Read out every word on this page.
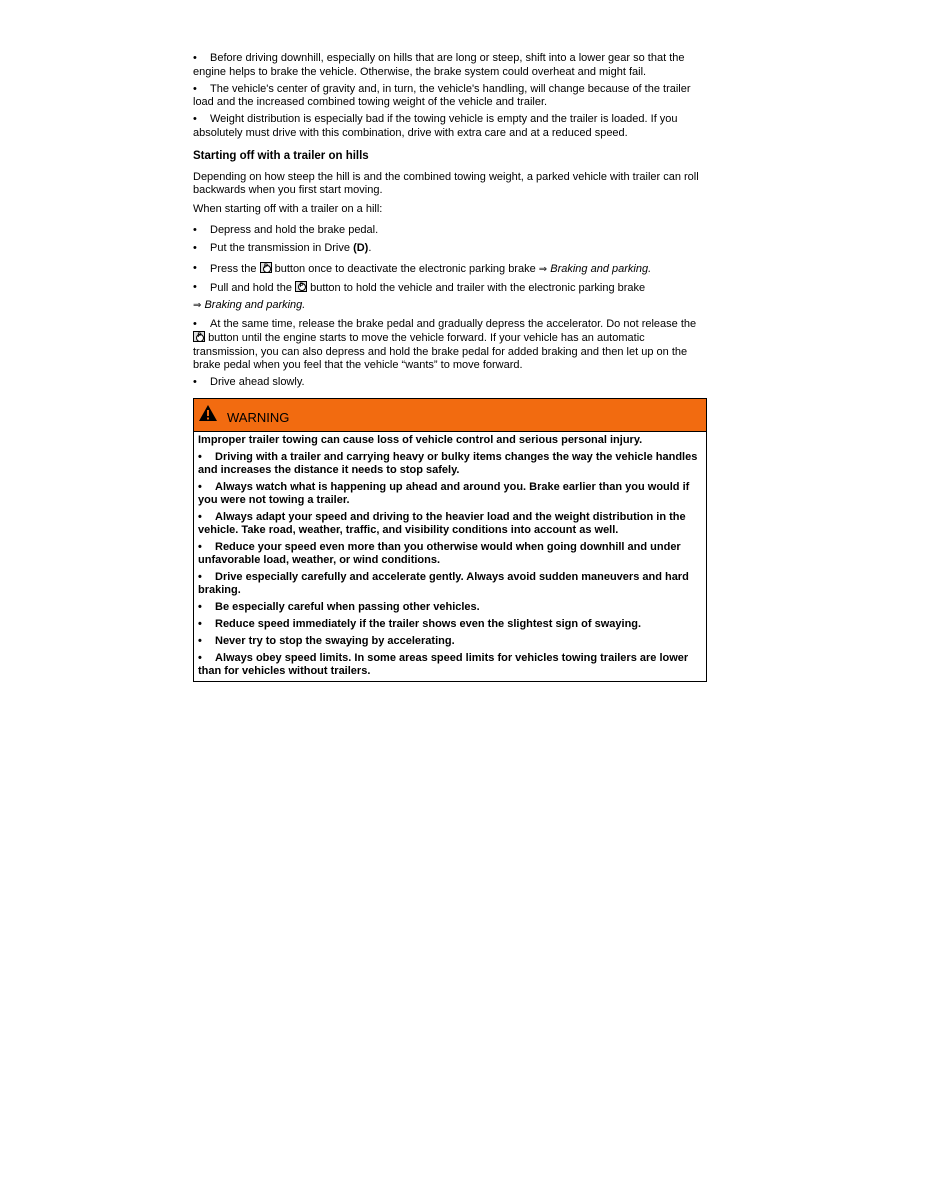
• Before driving downhill, especially on hills that are long or steep, shift into a lower gear so that the engine helps to brake the vehicle. Otherwise, the brake system could overheat and might fail.

• The vehicle's center of gravity and, in turn, the vehicle's handling, will change because of the trailer load and the increased combined towing weight of the vehicle and trailer.

• Weight distribution is especially bad if the towing vehicle is empty and the trailer is loaded. If you absolutely must drive with this combination, drive with extra care and at a reduced speed.

Starting off with a trailer on hills

Depending on how steep the hill is and the combined towing weight, a parked vehicle with trailer can roll backwards when you first start moving.

When starting off with a trailer on a hill:

• Depress and hold the brake pedal.
• Put the transmission in Drive (D).
• Press the P button once to deactivate the electronic parking brake ⇒ Braking and parking.
• Pull and hold the P button to hold the vehicle and trailer with the electronic parking brake

⇒ Braking and parking.

• At the same time, release the brake pedal and gradually depress the accelerator. Do not release the P button until the engine starts to move the vehicle forward. If your vehicle has an automatic transmission, you can also depress and hold the brake pedal for added braking and then let up on the brake pedal when you feel that the vehicle “wants” to move forward.

• Drive ahead slowly.
WARNING

Improper trailer towing can cause loss of vehicle control and serious personal injury.

• Driving with a trailer and carrying heavy or bulky items changes the way the vehicle handles and increases the distance it needs to stop safely.

• Always watch what is happening up ahead and around you. Brake earlier than you would if you were not towing a trailer.

• Always adapt your speed and driving to the heavier load and the weight distribution in the vehicle. Take road, weather, traffic, and visibility conditions into account as well.

• Reduce your speed even more than you otherwise would when going downhill and under unfavorable load, weather, or wind conditions.

• Drive especially carefully and accelerate gently. Always avoid sudden maneuvers and hard braking.

• Be especially careful when passing other vehicles.

• Reduce speed immediately if the trailer shows even the slightest sign of swaying.

• Never try to stop the swaying by accelerating.

• Always obey speed limits. In some areas speed limits for vehicles towing trailers are lower than for vehicles without trailers.
